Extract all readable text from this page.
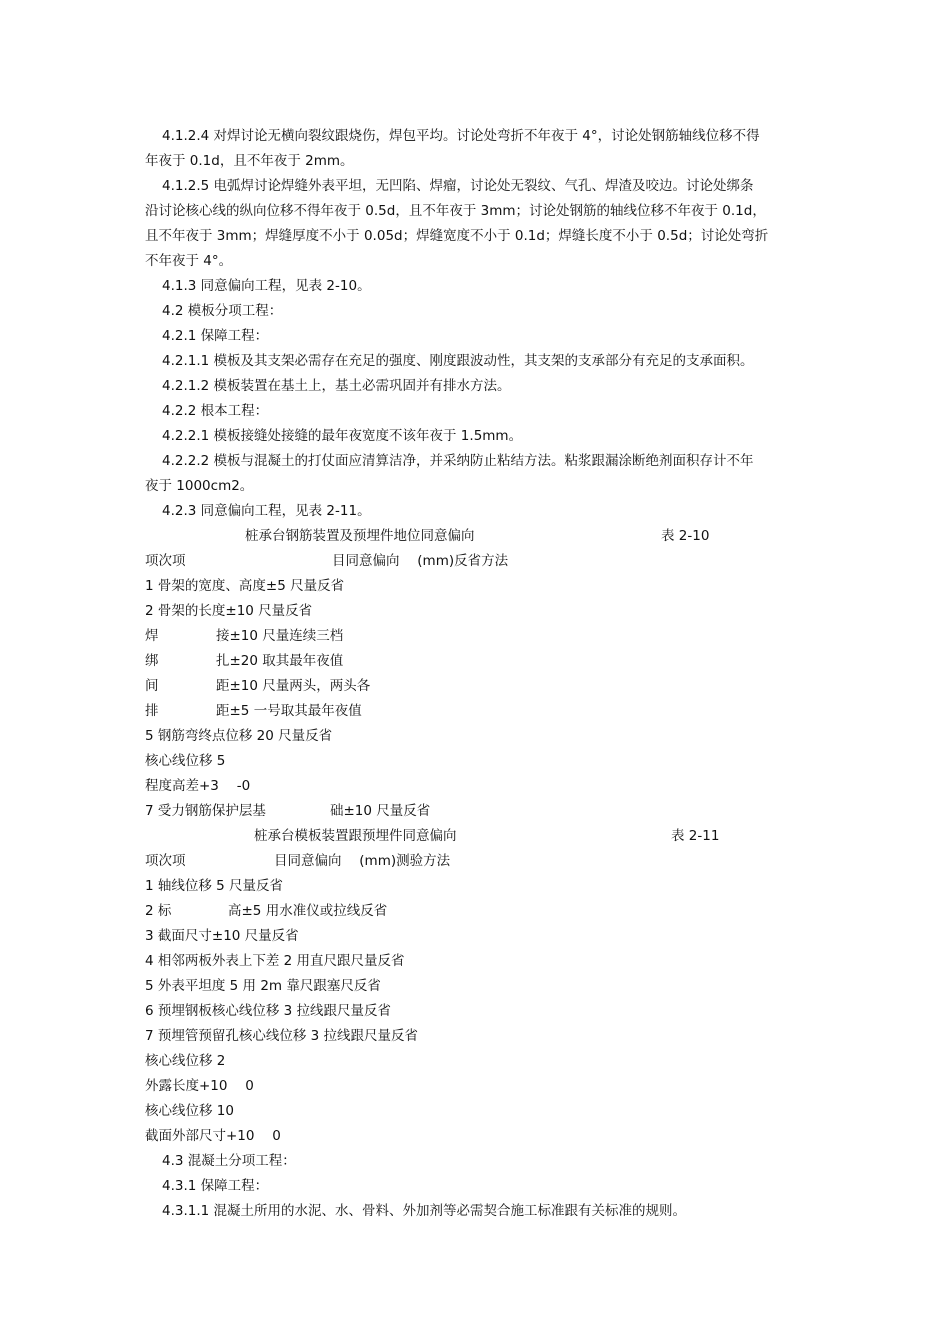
4.1.2.4 对焊讨论无横向裂纹跟烧伤，焊包平均。讨论处弯折不年夜于 4°，讨论处钢筋轴线位移不得
年夜于 0.1d，且不年夜于 2mm。
4.1.2.5 电弧焊讨论焊缝外表平坦，无凹陷、焊瘤，讨论处无裂纹、气孔、焊渣及咬边。讨论处绑条
沿讨论核心线的纵向位移不得年夜于 0.5d，且不年夜于 3mm；讨论处钢筋的轴线位移不年夜于 0.1d，
且不年夜于 3mm；焊缝厚度不小于 0.05d；焊缝宽度不小于 0.1d；焊缝长度不小于 0.5d；讨论处弯折
不年夜于 4°。
4.1.3 同意偏向工程，见表 2-10。
4.2 模板分项工程：
4.2.1 保障工程：
4.2.1.1 模板及其支架必需存在充足的强度、刚度跟波动性，其支架的支承部分有充足的支承面积。
4.2.1.2 模板装置在基土上，基土必需巩固并有排水方法。
4.2.2 根本工程：
4.2.2.1 模板接缝处接缝的最年夜宽度不该年夜于 1.5mm。
4.2.2.2 模板与混凝土的打仗面应清算洁净，并采纳防止粘结方法。粘浆跟漏涂断绝剂面积存计不年
夜于 1000cm2。
4.2.3 同意偏向工程，见表 2-11。
桩承台钢筋装置及预埋件地位同意偏向	表 2-10
项次项	目同意偏向 　(mm)反省方法
1 骨架的宽度、高度±5 尺量反省
2 骨架的长度±10 尺量反省
焊	接±10 尺量连续三档
绑	扎±20 取其最年夜值
间	距±10 尺量两头，两头各
排	距±5 一号取其最年夜值
5 钢筋弯终点位移 20 尺量反省
核心线位移 5
程度高差+3 　-0
7 受力钢筋保护层基	础±10 尺量反省
桩承台模板装置跟预埋件同意偏向	表 2-11
项次项	目同意偏向 　(mm)测验方法
1 轴线位移 5 尺量反省
2 标	高±5 用水准仪或拉线反省
3 截面尺寸±10 尺量反省
4 相邻两板外表上下差 2 用直尺跟尺量反省
5 外表平坦度 5 用 2m 靠尺跟塞尺反省
6 预埋钢板核心线位移 3 拉线跟尺量反省
7 预埋管预留孔核心线位移 3 拉线跟尺量反省
核心线位移 2
外露长度+10 　0
核心线位移 10
截面外部尺寸+10 　0
4.3 混凝土分项工程：
4.3.1 保障工程：
4.3.1.1 混凝土所用的水泥、水、骨料、外加剂等必需契合施工标准跟有关标准的规则。
